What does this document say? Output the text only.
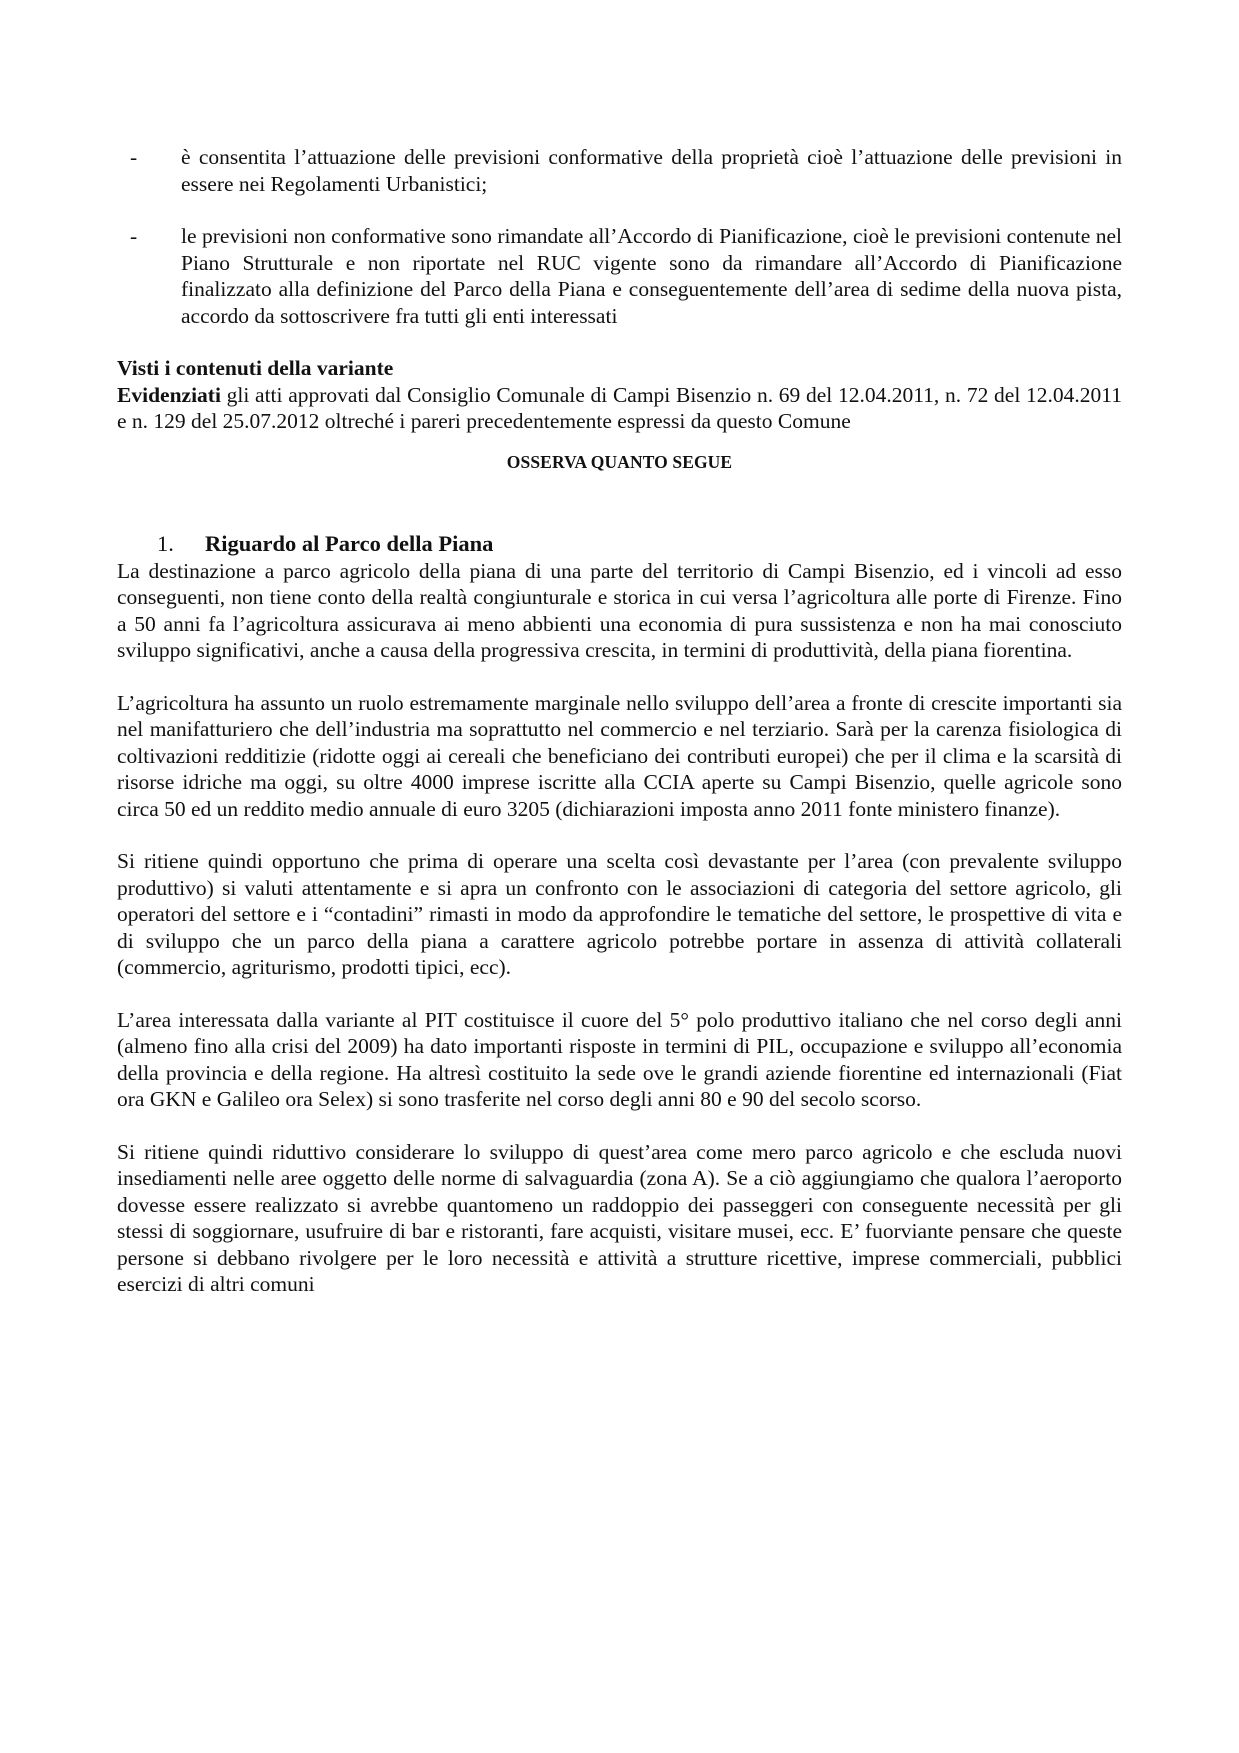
- è consentita l’attuazione delle previsioni conformative della proprietà cioè l’attuazione delle previsioni in essere nei Regolamenti Urbanistici;
- le previsioni non conformative sono rimandate all’Accordo di Pianificazione, cioè le previsioni contenute nel Piano Strutturale e non riportate nel RUC vigente sono da rimandare all’Accordo di Pianificazione finalizzato alla definizione del Parco della Piana e conseguentemente dell’area di sedime della nuova pista, accordo da sottoscrivere fra tutti gli enti interessati
Visti i contenuti della variante
Evidenziati gli atti approvati dal Consiglio Comunale di Campi Bisenzio n. 69 del 12.04.2011, n. 72 del 12.04.2011 e n. 129 del 25.07.2012 oltreché i pareri precedentemente espressi da questo Comune
OSSERVA QUANTO SEGUE
1. Riguardo al Parco della Piana
La destinazione a parco agricolo della piana di una parte del territorio di Campi Bisenzio, ed i vincoli ad esso conseguenti, non tiene conto della realtà congiunturale e storica in cui versa l’agricoltura alle porte di Firenze. Fino a 50 anni fa l’agricoltura assicurava ai meno abbienti una economia di pura sussistenza e non ha mai conosciuto sviluppo significativi, anche a causa della progressiva crescita, in termini di produttività, della piana fiorentina.
L’agricoltura ha assunto un ruolo estremamente marginale nello sviluppo dell’area a fronte di crescite importanti sia nel manifatturiero che dell’industria ma soprattutto nel commercio e nel terziario. Sarà per la carenza fisiologica di coltivazioni redditizie (ridotte oggi ai cereali che beneficiano dei contributi europei) che per il clima e la scarsità di risorse idriche ma oggi, su oltre 4000 imprese iscritte alla CCIA aperte su Campi Bisenzio, quelle agricole sono circa 50 ed un reddito medio annuale di euro 3205 (dichiarazioni imposta anno 2011 fonte ministero finanze).
Si ritiene quindi opportuno che prima di operare una scelta così devastante per l’area (con prevalente sviluppo produttivo) si valuti attentamente e si apra un confronto con le associazioni di categoria del settore agricolo, gli operatori del settore e i “contadini” rimasti in modo da approfondire le tematiche del settore, le prospettive di vita e di sviluppo che un parco della piana a carattere agricolo potrebbe portare in assenza di attività collaterali (commercio, agriturismo, prodotti tipici, ecc).
L’area interessata dalla variante al PIT costituisce il cuore del 5° polo produttivo italiano che nel corso degli anni (almeno fino alla crisi del 2009) ha dato importanti risposte in termini di PIL, occupazione e sviluppo all’economia della provincia e della regione. Ha altresì costituito la sede ove le grandi aziende fiorentine ed internazionali (Fiat ora GKN e Galileo ora Selex) si sono trasferite nel corso degli anni 80 e 90 del secolo scorso.
Si ritiene quindi riduttivo considerare lo sviluppo di quest’area come mero parco agricolo e che escluda nuovi insediamenti nelle aree oggetto delle norme di salvaguardia (zona A). Se a ciò aggiungiamo che qualora l’aeroporto dovesse essere realizzato si avrebbe quantomeno un raddoppio dei passeggeri con conseguente necessità per gli stessi di soggiornare, usufruire di bar e ristoranti, fare acquisti, visitare musei, ecc. E’ fuorviante pensare che queste persone si debbano rivolgere per le loro necessità e attività a strutture ricettive, imprese commerciali, pubblici esercizi di altri comuni
